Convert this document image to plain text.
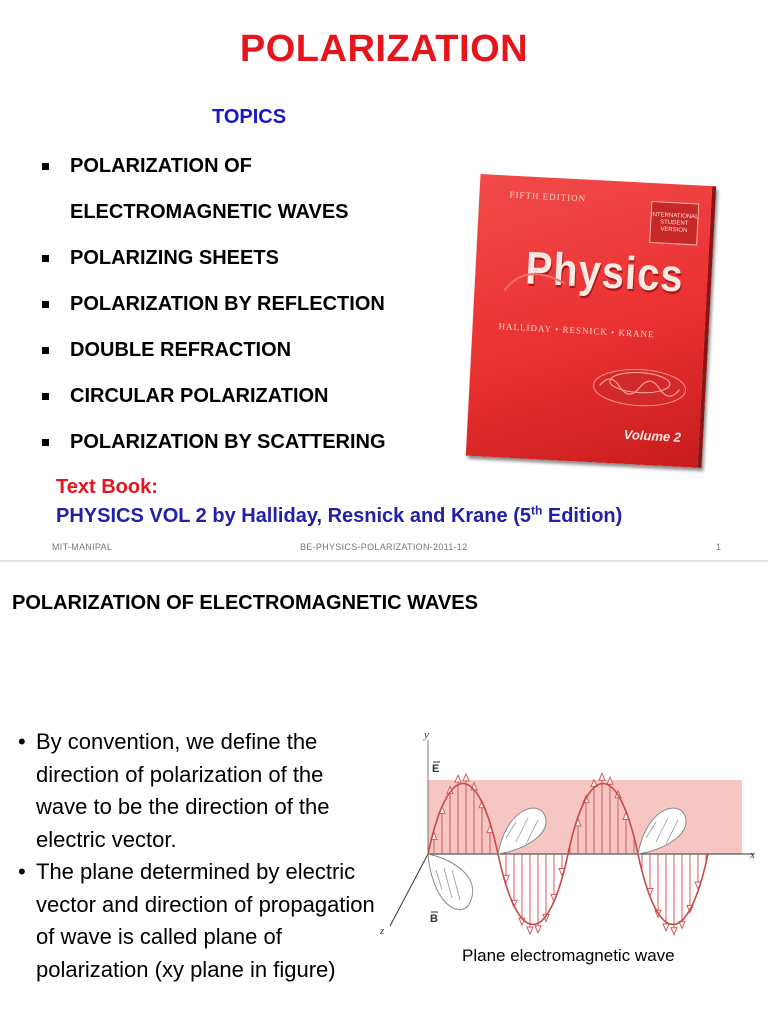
POLARIZATION
TOPICS
POLARIZATION OF
ELECTROMAGNETIC WAVES
POLARIZING SHEETS
POLARIZATION BY REFLECTION
DOUBLE REFRACTION
CIRCULAR POLARIZATION
POLARIZATION BY SCATTERING
FIFTH EDITION
INTERNATIONAL STUDENT VERSION
Physics
HALLIDAY • RESNICK • KRANE
Volume 2
Text Book:
PHYSICS VOL 2 by Halliday, Resnick and Krane (5th Edition)
MIT-MANIPAL	BE-PHYSICS-POLARIZATION-2011-12	1
POLARIZATION OF ELECTROMAGNETIC WAVES
• By convention, we define the direction of polarization of the wave to be the direction of the electric vector.
• The plane determined by electric vector and direction of propagation of wave is called plane of polarization (xy plane in figure)
y
x
z
E
B
Plane electromagnetic wave
